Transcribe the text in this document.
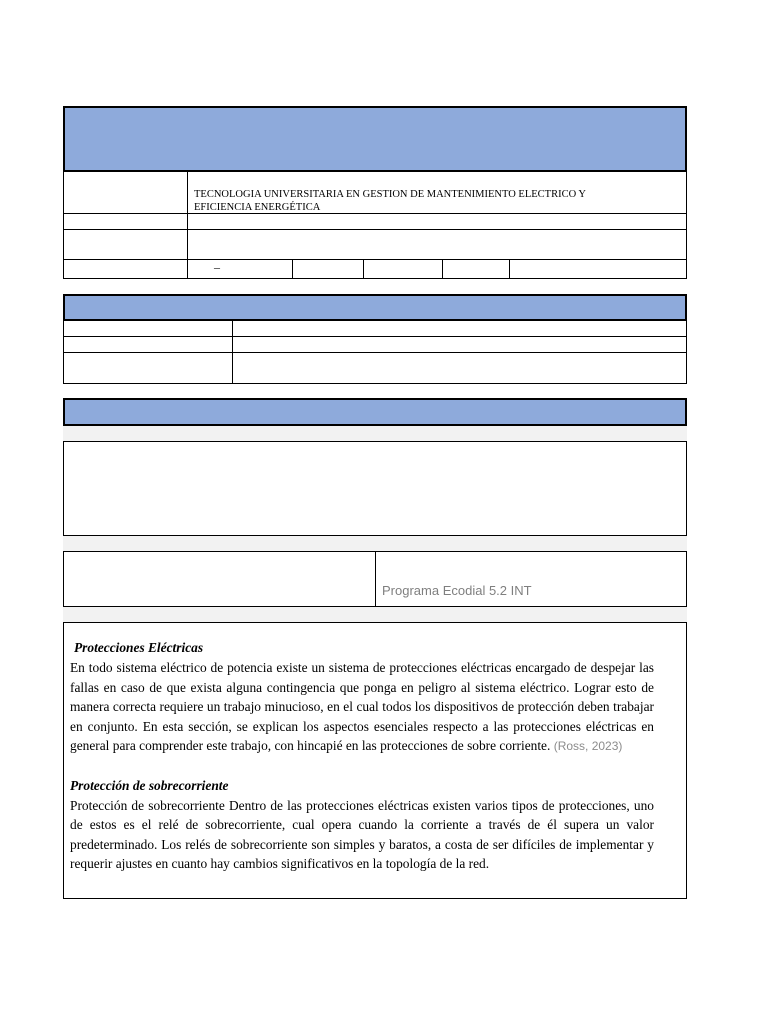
TECNOLOGIA UNIVERSITARIA EN GESTION DE MANTENIMIENTO ELECTRICO Y EFICIENCIA ENERGÉTICA
–
Programa Ecodial 5.2 INT

Protecciones Eléctricas

En todo sistema eléctrico de potencia existe un sistema de protecciones eléctricas encargado de despejar las fallas en caso de que exista alguna contingencia que ponga en peligro al sistema eléctrico. Lograr esto de manera correcta requiere un trabajo minucioso, en el cual todos los dispositivos de protección deben trabajar en conjunto. En esta sección, se explican los aspectos esenciales respecto a las protecciones eléctricas en general para comprender este trabajo, con hincapié en las protecciones de sobre corriente. (Ross, 2023)

Protección de sobrecorriente

Protección de sobrecorriente Dentro de las protecciones eléctricas existen varios tipos de protecciones, uno de estos es el relé de sobrecorriente, cual opera cuando la corriente a través de él supera un valor predeterminado. Los relés de sobrecorriente son simples y baratos, a costa de ser difíciles de implementar y requerir ajustes en cuanto hay cambios significativos en la topología de la red.
